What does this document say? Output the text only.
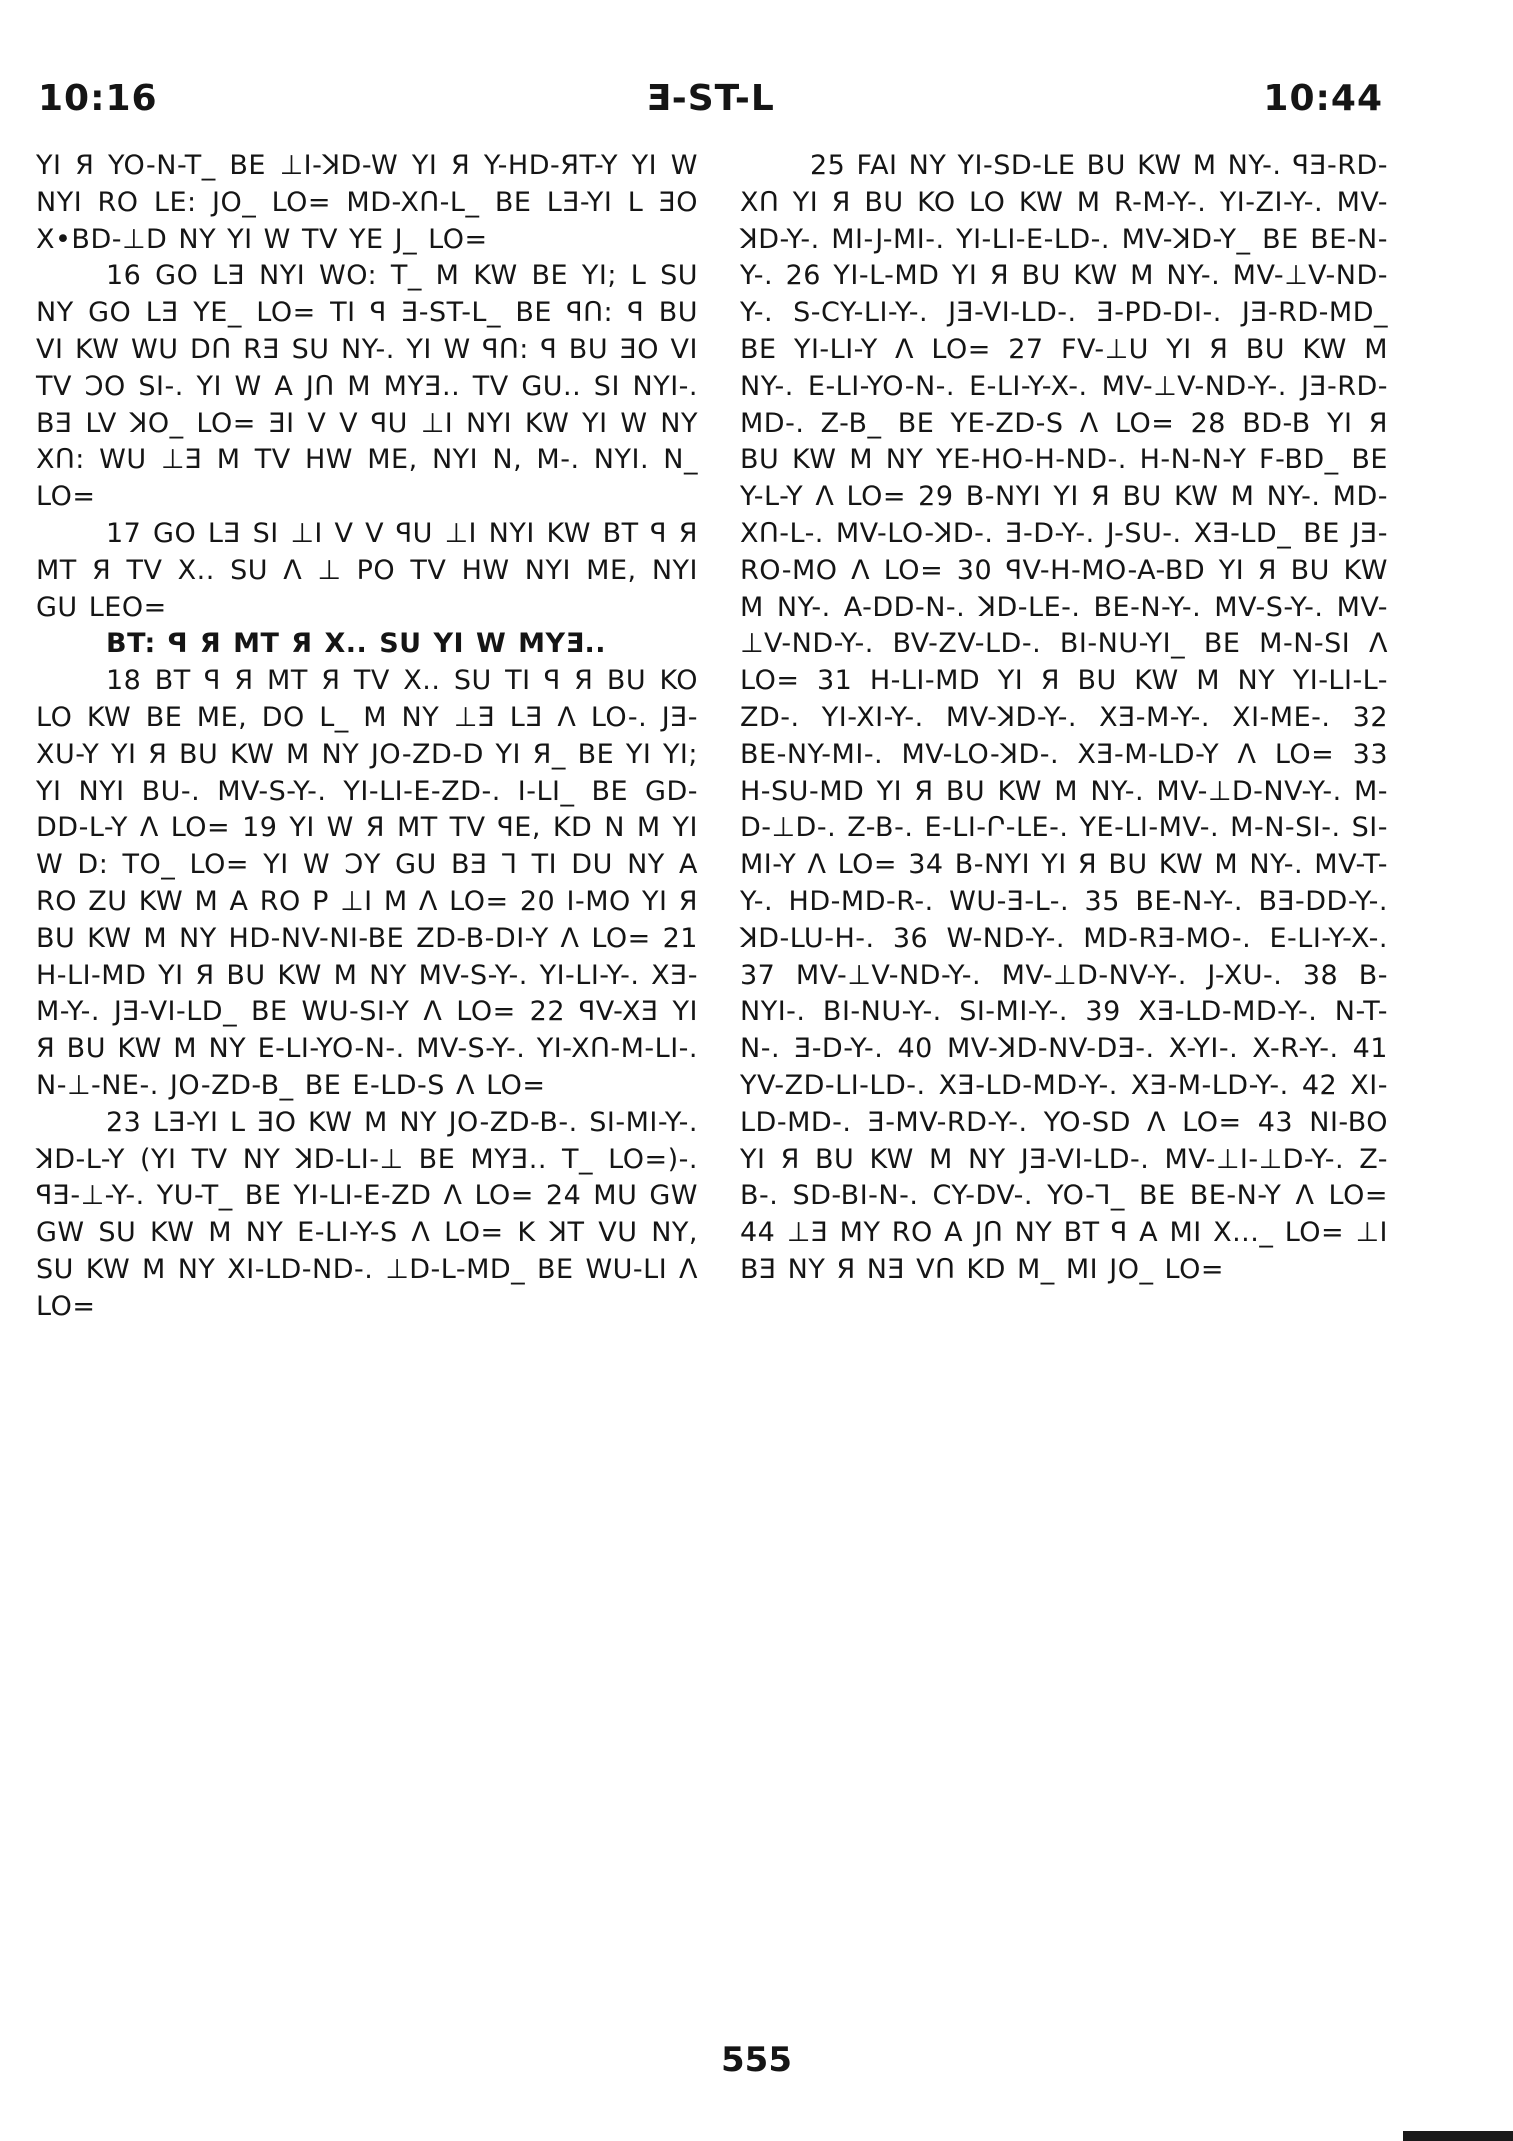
10:16	Ǝ-ST-L	10:44

YI Я YO-N-T_ BE ⊥I-ꓘD-W YI Я Y-HD-ЯT-Y YI W NYI RO LE: JO_ LO= MD-XՈ-L_ BE LƎ-YI L ƎO X•BD-⊥D NY YI W TV YE J_ LO=

16 GO LƎ NYI WO: T_ M KW BE YI; L SU NY GO LƎ YE_ LO= TI ꟼ Ǝ-ST-L_ BE ꟼՈ: ꟼ BU VI KW WU DՈ RƎ SU NY-. YI W ꟼՈ: ꟼ BU ƎO VI TV ƆO SI-. YI W A JՈ M MYƎ.. TV GU.. SI NYI-. BƎ LV ꓘO_ LO= ƎI V V ꟼU ⊥I NYI KW YI W NY XՈ: WU ⊥Ǝ M TV HW ME, NYI N, M-. NYI. N_ LO=

17 GO LƎ SI ⊥I V V ꟼU ⊥I NYI KW BT ꟼ Я MT Я TV X.. SU Λ ⊥ PO TV HW NYI ME, NYI GU LEO=

BT: ꟼ Я MT Я X.. SU YI W MYƎ..

18 BT ꟼ Я MT Я TV X.. SU TI ꟼ Я BU KO LO KW BE ME, DO L_ M NY ⊥Ǝ LƎ Λ LO-. JƎ-XU-Y YI Я BU KW M NY JO-ZD-D YI Я_ BE YI YI; YI NYI BU-. MV-S-Y-. YI-LI-E-ZD-. I-LI_ BE GD-DD-L-Y Λ LO= 19 YI W Я MT TV ꟼE, KD N M YI W D: TO_ LO= YI W ƆY GU BƎ ⅂ TI DU NY A RO ZU KW M A RO P ⊥I M Λ LO= 20 I-MO YI Я BU KW M NY HD-NV-NI-BE ZD-B-DI-Y Λ LO= 21 H-LI-MD YI Я BU KW M NY MV-S-Y-. YI-LI-Y-. XƎ-M-Y-. JƎ-VI-LD_ BE WU-SI-Y Λ LO= 22 ꟼV-XƎ YI Я BU KW M NY E-LI-YO-N-. MV-S-Y-. YI-XՈ-M-LI-. N-⊥-NE-. JO-ZD-B_ BE E-LD-S Λ LO=

23 LƎ-YI L ƎO KW M NY JO-ZD-B-. SI-MI-Y-. ꓘD-L-Y (YI TV NY ꓘD-LI-⊥ BE MYƎ.. T_ LO=)-. ꟼƎ-⊥-Y-. YU-T_ BE YI-LI-E-ZD Λ LO= 24 MU GW GW SU KW M NY E-LI-Y-S Λ LO= K ꓘT VU NY, SU KW M NY XI-LD-ND-. ⊥D-L-MD_ BE WU-LI Λ LO=

25 FAI NY YI-SD-LE BU KW M NY-. ꟼƎ-RD-XՈ YI Я BU KO LO KW M R-M-Y-. YI-ZI-Y-. MV-ꓘD-Y-. MI-J-MI-. YI-LI-E-LD-. MV-ꓘD-Y_ BE BE-N-Y-. 26 YI-L-MD YI Я BU KW M NY-. MV-⊥V-ND-Y-. S-CY-LI-Y-. JƎ-VI-LD-. Ǝ-PD-DI-. JƎ-RD-MD_ BE YI-LI-Y Λ LO= 27 FV-⊥U YI Я BU KW M NY-. E-LI-YO-N-. E-LI-Y-X-. MV-⊥V-ND-Y-. JƎ-RD-MD-. Z-B_ BE YE-ZD-S Λ LO= 28 BD-B YI Я BU KW M NY YE-HO-H-ND-. H-N-N-Y F-BD_ BE Y-L-Y Λ LO= 29 B-NYI YI Я BU KW M NY-. MD-XՈ-L-. MV-LO-ꓘD-. Ǝ-D-Y-. J-SU-. XƎ-LD_ BE JƎ-RO-MO Λ LO= 30 ꟼV-H-MO-A-BD YI Я BU KW M NY-. A-DD-N-. ꓘD-LE-. BE-N-Y-. MV-S-Y-. MV-⊥V-ND-Y-. BV-ZV-LD-. BI-NU-YI_ BE M-N-SI Λ LO= 31 H-LI-MD YI Я BU KW M NY YI-LI-L-ZD-. YI-XI-Y-. MV-ꓘD-Y-. XƎ-M-Y-. XI-ME-. 32 BE-NY-MI-. MV-LO-ꓘD-. XƎ-M-LD-Y Λ LO= 33 H-SU-MD YI Я BU KW M NY-. MV-⊥D-NV-Y-. M-D-⊥D-. Z-B-. E-LI-Ր-LE-. YE-LI-MV-. M-N-SI-. SI-MI-Y Λ LO= 34 B-NYI YI Я BU KW M NY-. MV-T-Y-. HD-MD-R-. WU-Ǝ-L-. 35 BE-N-Y-. BƎ-DD-Y-. ꓘD-LU-H-. 36 W-ND-Y-. MD-RƎ-MO-. E-LI-Y-X-. 37 MV-⊥V-ND-Y-. MV-⊥D-NV-Y-. J-XU-. 38 B-NYI-. BI-NU-Y-. SI-MI-Y-. 39 XƎ-LD-MD-Y-. N-T-N-. Ǝ-D-Y-. 40 MV-ꓘD-NV-DƎ-. X-YI-. X-R-Y-. 41 YV-ZD-LI-LD-. XƎ-LD-MD-Y-. XƎ-M-LD-Y-. 42 XI-LD-MD-. Ǝ-MV-RD-Y-. YO-SD Λ LO= 43 NI-BO YI Я BU KW M NY JƎ-VI-LD-. MV-⊥I-⊥D-Y-. Z-B-. SD-BI-N-. CY-DV-. YO-⅂_ BE BE-N-Y Λ LO= 44 ⊥Ǝ MY RO A JՈ NY BT ꟼ A MI X..._ LO= ⊥I BƎ NY Я NƎ VՈ KD M_ MI JO_ LO=

555
